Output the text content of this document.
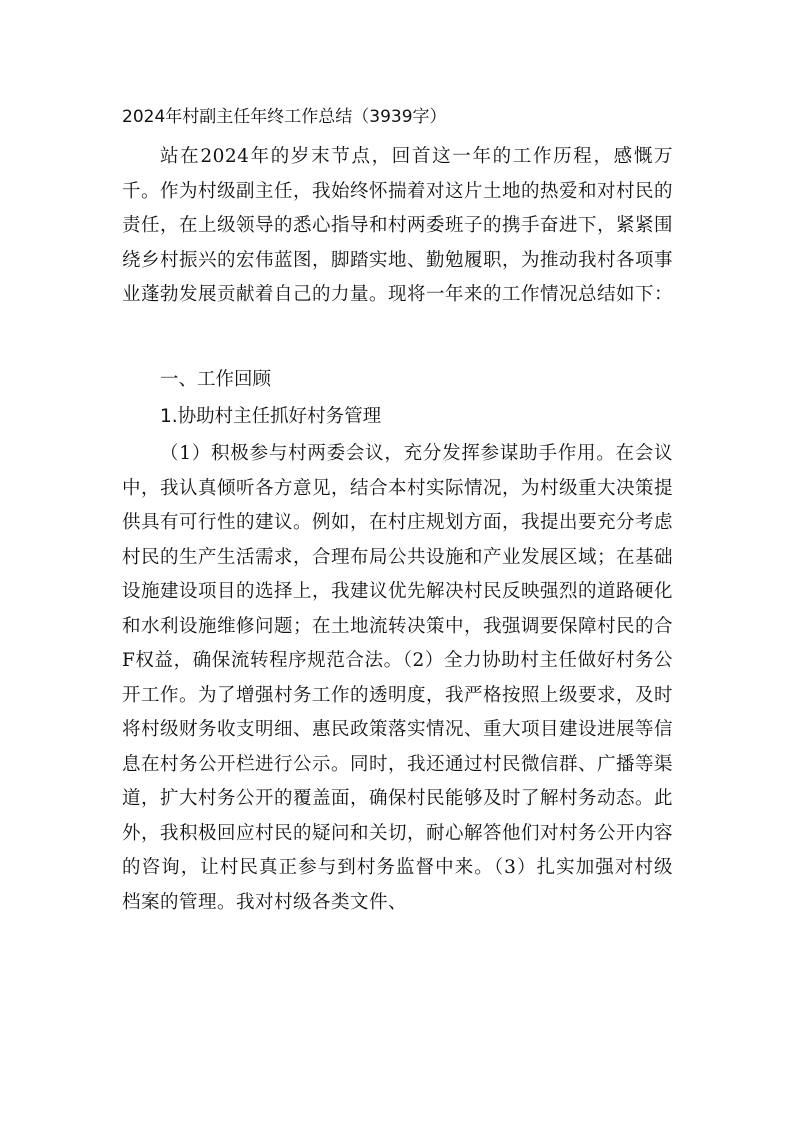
2024年村副主任年终工作总结（3939字）
站在2024年的岁末节点，回首这一年的工作历程，感慨万千。作为村级副主任，我始终怀揣着对这片土地的热爱和对村民的责任，在上级领导的悉心指导和村两委班子的携手奋进下，紧紧围绕乡村振兴的宏伟蓝图，脚踏实地、勤勉履职，为推动我村各项事业蓬勃发展贡献着自己的力量。现将一年来的工作情况总结如下：
一、工作回顾
1.协助村主任抓好村务管理
（1）积极参与村两委会议，充分发挥参谋助手作用。在会议中，我认真倾听各方意见，结合本村实际情况，为村级重大决策提供具有可行性的建议。例如，在村庄规划方面，我提出要充分考虑村民的生产生活需求，合理布局公共设施和产业发展区域；在基础设施建设项目的选择上，我建议优先解决村民反映强烈的道路硬化和水利设施维修问题；在土地流转决策中，我强调要保障村民的合F权益，确保流转程序规范合法。（2）全力协助村主任做好村务公开工作。为了增强村务工作的透明度，我严格按照上级要求，及时将村级财务收支明细、惠民政策落实情况、重大项目建设进展等信息在村务公开栏进行公示。同时，我还通过村民微信群、广播等渠道，扩大村务公开的覆盖面，确保村民能够及时了解村务动态。此外，我积极回应村民的疑问和关切，耐心解答他们对村务公开内容的咨询，让村民真正参与到村务监督中来。（3）扎实加强对村级档案的管理。我对村级各类文件、
